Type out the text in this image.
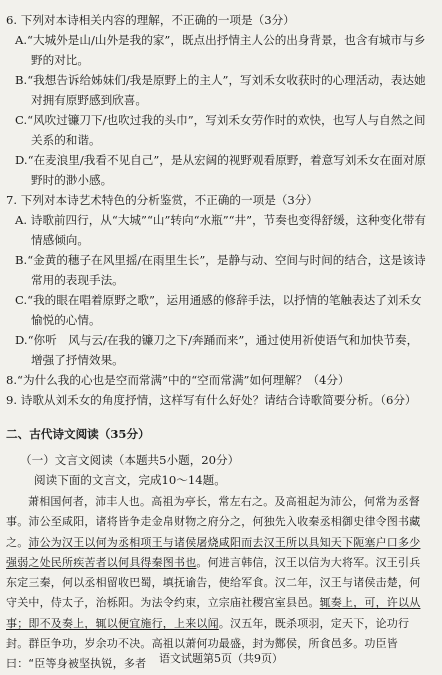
6. 下列对本诗相关内容的理解，不正确的一项是（3分）

A.“大城外是山/山外是我的家”，既点出抒情主人公的出身背景，也含有城市与乡野的对比。

B.“我想告诉给姊妹们/我是原野上的主人”，写刘禾女收获时的心理活动，表达她对拥有原野感到欣喜。

C.“风吹过镰刀下/也吹过我的头巾”，写刘禾女劳作时的欢快，也写人与自然之间关系的和谐。

D.“在麦浪里/我看不见自己”，是从宏阔的视野观看原野，着意写刘禾女在面对原野时的渺小感。

7. 下列对本诗艺术特色的分析鉴赏，不正确的一项是（3分）

A. 诗歌前四行，从“大城”“山”转向“水瓶”“井”，节奏也变得舒缓，这种变化带有情感倾向。

B.“金黄的穗子在风里摇/在雨里生长”，是静与动、空间与时间的结合，这是该诗常用的表现手法。

C.“我的眼在唱着原野之歌”，运用通感的修辞手法，以抒情的笔触表达了刘禾女愉悦的心情。

D.“你听　风与云/在我的镰刀之下/奔踊而来”，通过使用祈使语气和加快节奏，增强了抒情效果。

8.“为什么我的心也是空而常满”中的“空而常满”如何理解？（4分）

9. 诗歌从刘禾女的角度抒情，这样写有什么好处？请结合诗歌简要分析。（6分）

二、古代诗文阅读（35分）
（一）文言文阅读（本题共5小题，20分）
阅读下面的文言文，完成10～14题。
萧相国何者，沛丰人也。高祖为亭长，常左右之。及高祖起为沛公，何常为丞督事。沛公至咸阳，诸将皆争走金帛财物之府分之，何独先入收秦丞相御史律令图书藏之。沛公为汉王以何为丞相项王与诸侯屠烧咸阳而去汉王所以具知天下阨塞户口多少强弱之处民所疾苦者以何具得秦图书也。何进言韩信，汉王以信为大将军。汉王引兵东定三秦，何以丞相留收巴蜀，填抚谕告，使给军食。汉二年，汉王与诸侯击楚，何守关中，侍太子，治栎阳。为法令约束，立宗庙社稷宫室县邑。辄奏上，可，许以从事；即不及奏上，辄以便宜施行，上来以闻。汉五年，既杀项羽，定天下，论功行封。群臣争功，岁余功不决。高祖以萧何功最盛，封为酂侯，所食邑多。功臣皆曰：“臣等身被坚执锐，多者	语文试题第5页（共9页）
